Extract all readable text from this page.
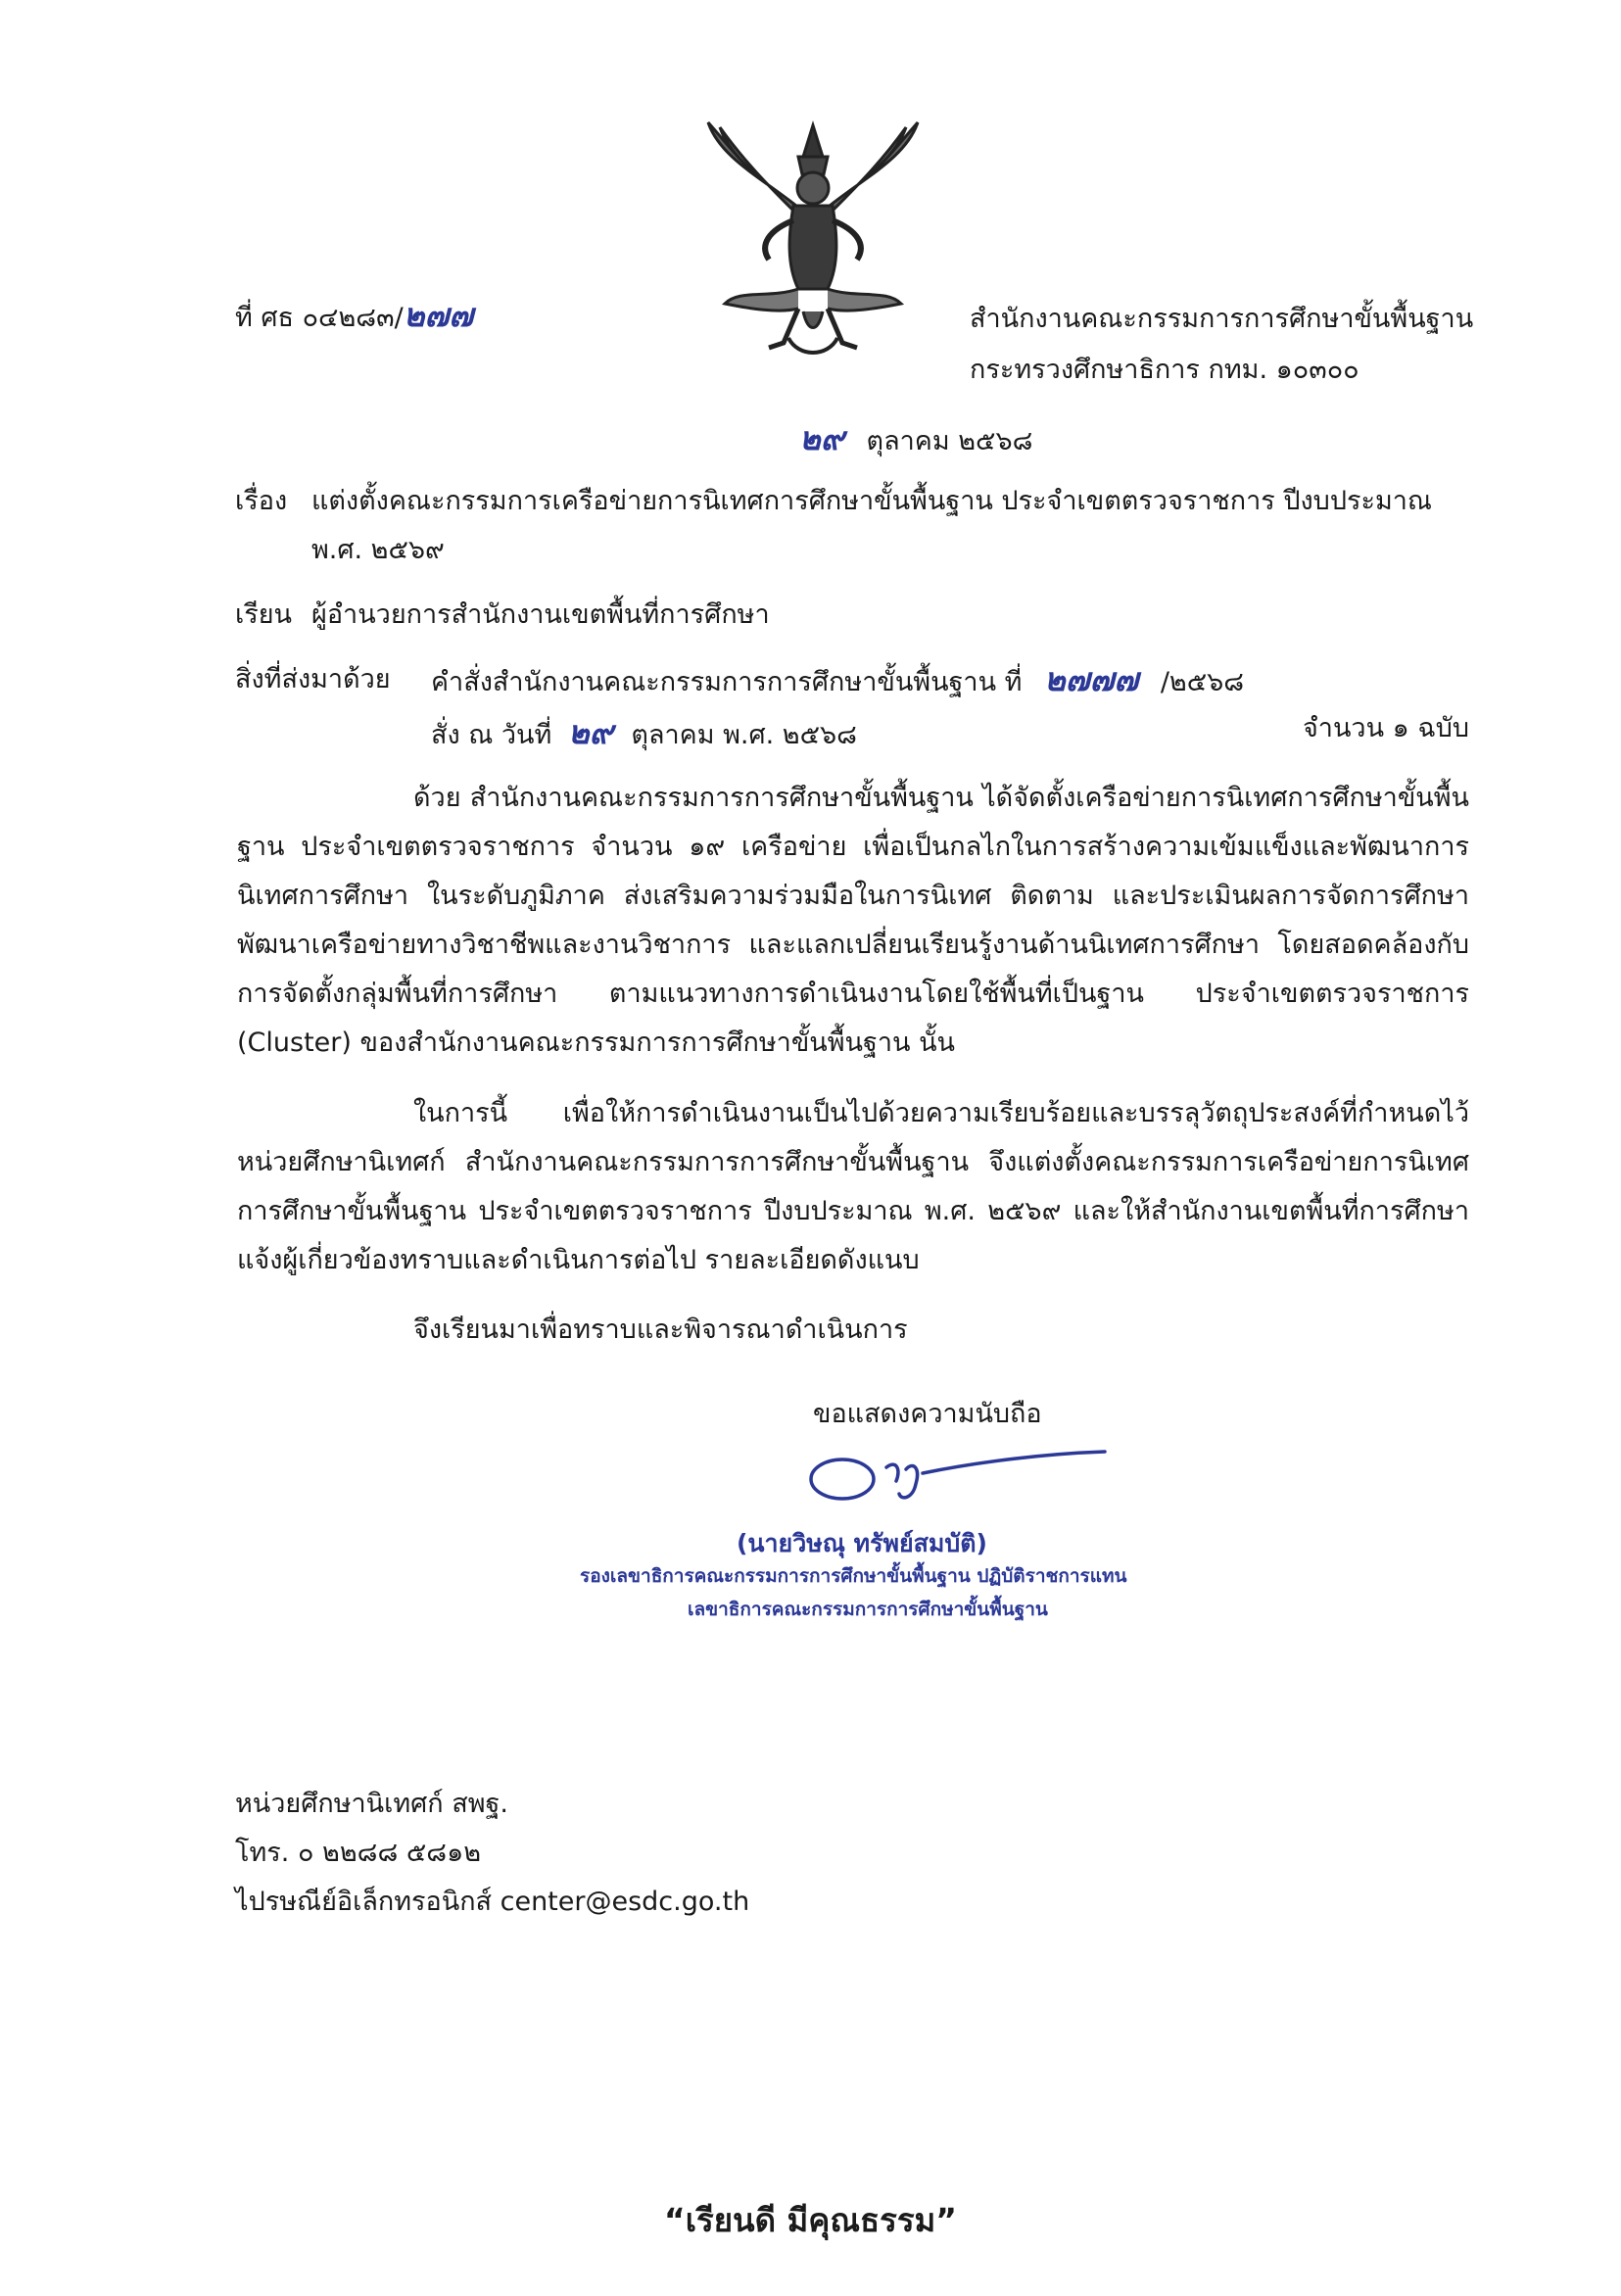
ที่ ศธ ๐๔๒๘๓/๒๗๗	สำนักงานคณะกรรมการการศึกษาขั้นพื้นฐาน
กระทรวงศึกษาธิการ กทม. ๑๐๓๐๐
๒๙ ตุลาคม ๒๕๖๘
เรื่อง แต่งตั้งคณะกรรมการเครือข่ายการนิเทศการศึกษาขั้นพื้นฐาน ประจำเขตตรวจราชการ ปีงบประมาณ
พ.ศ. ๒๕๖๙
เรียน ผู้อำนวยการสำนักงานเขตพื้นที่การศึกษา
สิ่งที่ส่งมาด้วย คำสั่งสำนักงานคณะกรรมการการศึกษาขั้นพื้นฐาน ที่ ๒๗๗๗ /๒๕๖๘
สั่ง ณ วันที่ ๒๙ ตุลาคม พ.ศ. ๒๕๖๘	จำนวน ๑ ฉบับ
ด้วย สำนักงานคณะกรรมการการศึกษาขั้นพื้นฐาน ได้จัดตั้งเครือข่ายการนิเทศการศึกษาขั้นพื้นฐาน ประจำเขตตรวจราชการ จำนวน ๑๙ เครือข่าย เพื่อเป็นกลไกในการสร้างความเข้มแข็งและพัฒนาการนิเทศการศึกษา ในระดับภูมิภาค ส่งเสริมความร่วมมือในการนิเทศ ติดตาม และประเมินผลการจัดการศึกษา พัฒนาเครือข่ายทางวิชาชีพและงานวิชาการ และแลกเปลี่ยนเรียนรู้งานด้านนิเทศการศึกษา โดยสอดคล้องกับการจัดตั้งกลุ่มพื้นที่การศึกษา ตามแนวทางการดำเนินงานโดยใช้พื้นที่เป็นฐาน ประจำเขตตรวจราชการ (Cluster) ของสำนักงานคณะกรรมการการศึกษาขั้นพื้นฐาน นั้น
ในการนี้ เพื่อให้การดำเนินงานเป็นไปด้วยความเรียบร้อยและบรรลุวัตถุประสงค์ที่กำหนดไว้ หน่วยศึกษานิเทศก์ สำนักงานคณะกรรมการการศึกษาขั้นพื้นฐาน จึงแต่งตั้งคณะกรรมการเครือข่ายการนิเทศการศึกษาขั้นพื้นฐาน ประจำเขตตรวจราชการ ปีงบประมาณ พ.ศ. ๒๕๖๙ และให้สำนักงานเขตพื้นที่การศึกษาแจ้งผู้เกี่ยวข้องทราบและดำเนินการต่อไป รายละเอียดดังแนบ
จึงเรียนมาเพื่อทราบและพิจารณาดำเนินการ
ขอแสดงความนับถือ
(นายวิษณุ ทรัพย์สมบัติ)
รองเลขาธิการคณะกรรมการการศึกษาขั้นพื้นฐาน ปฏิบัติราชการแทน
เลขาธิการคณะกรรมการการศึกษาขั้นพื้นฐาน
หน่วยศึกษานิเทศก์ สพฐ.
โทร. ๐ ๒๒๘๘ ๕๘๑๒
ไปรษณีย์อิเล็กทรอนิกส์ center@esdc.go.th
“เรียนดี มีคุณธรรม”
